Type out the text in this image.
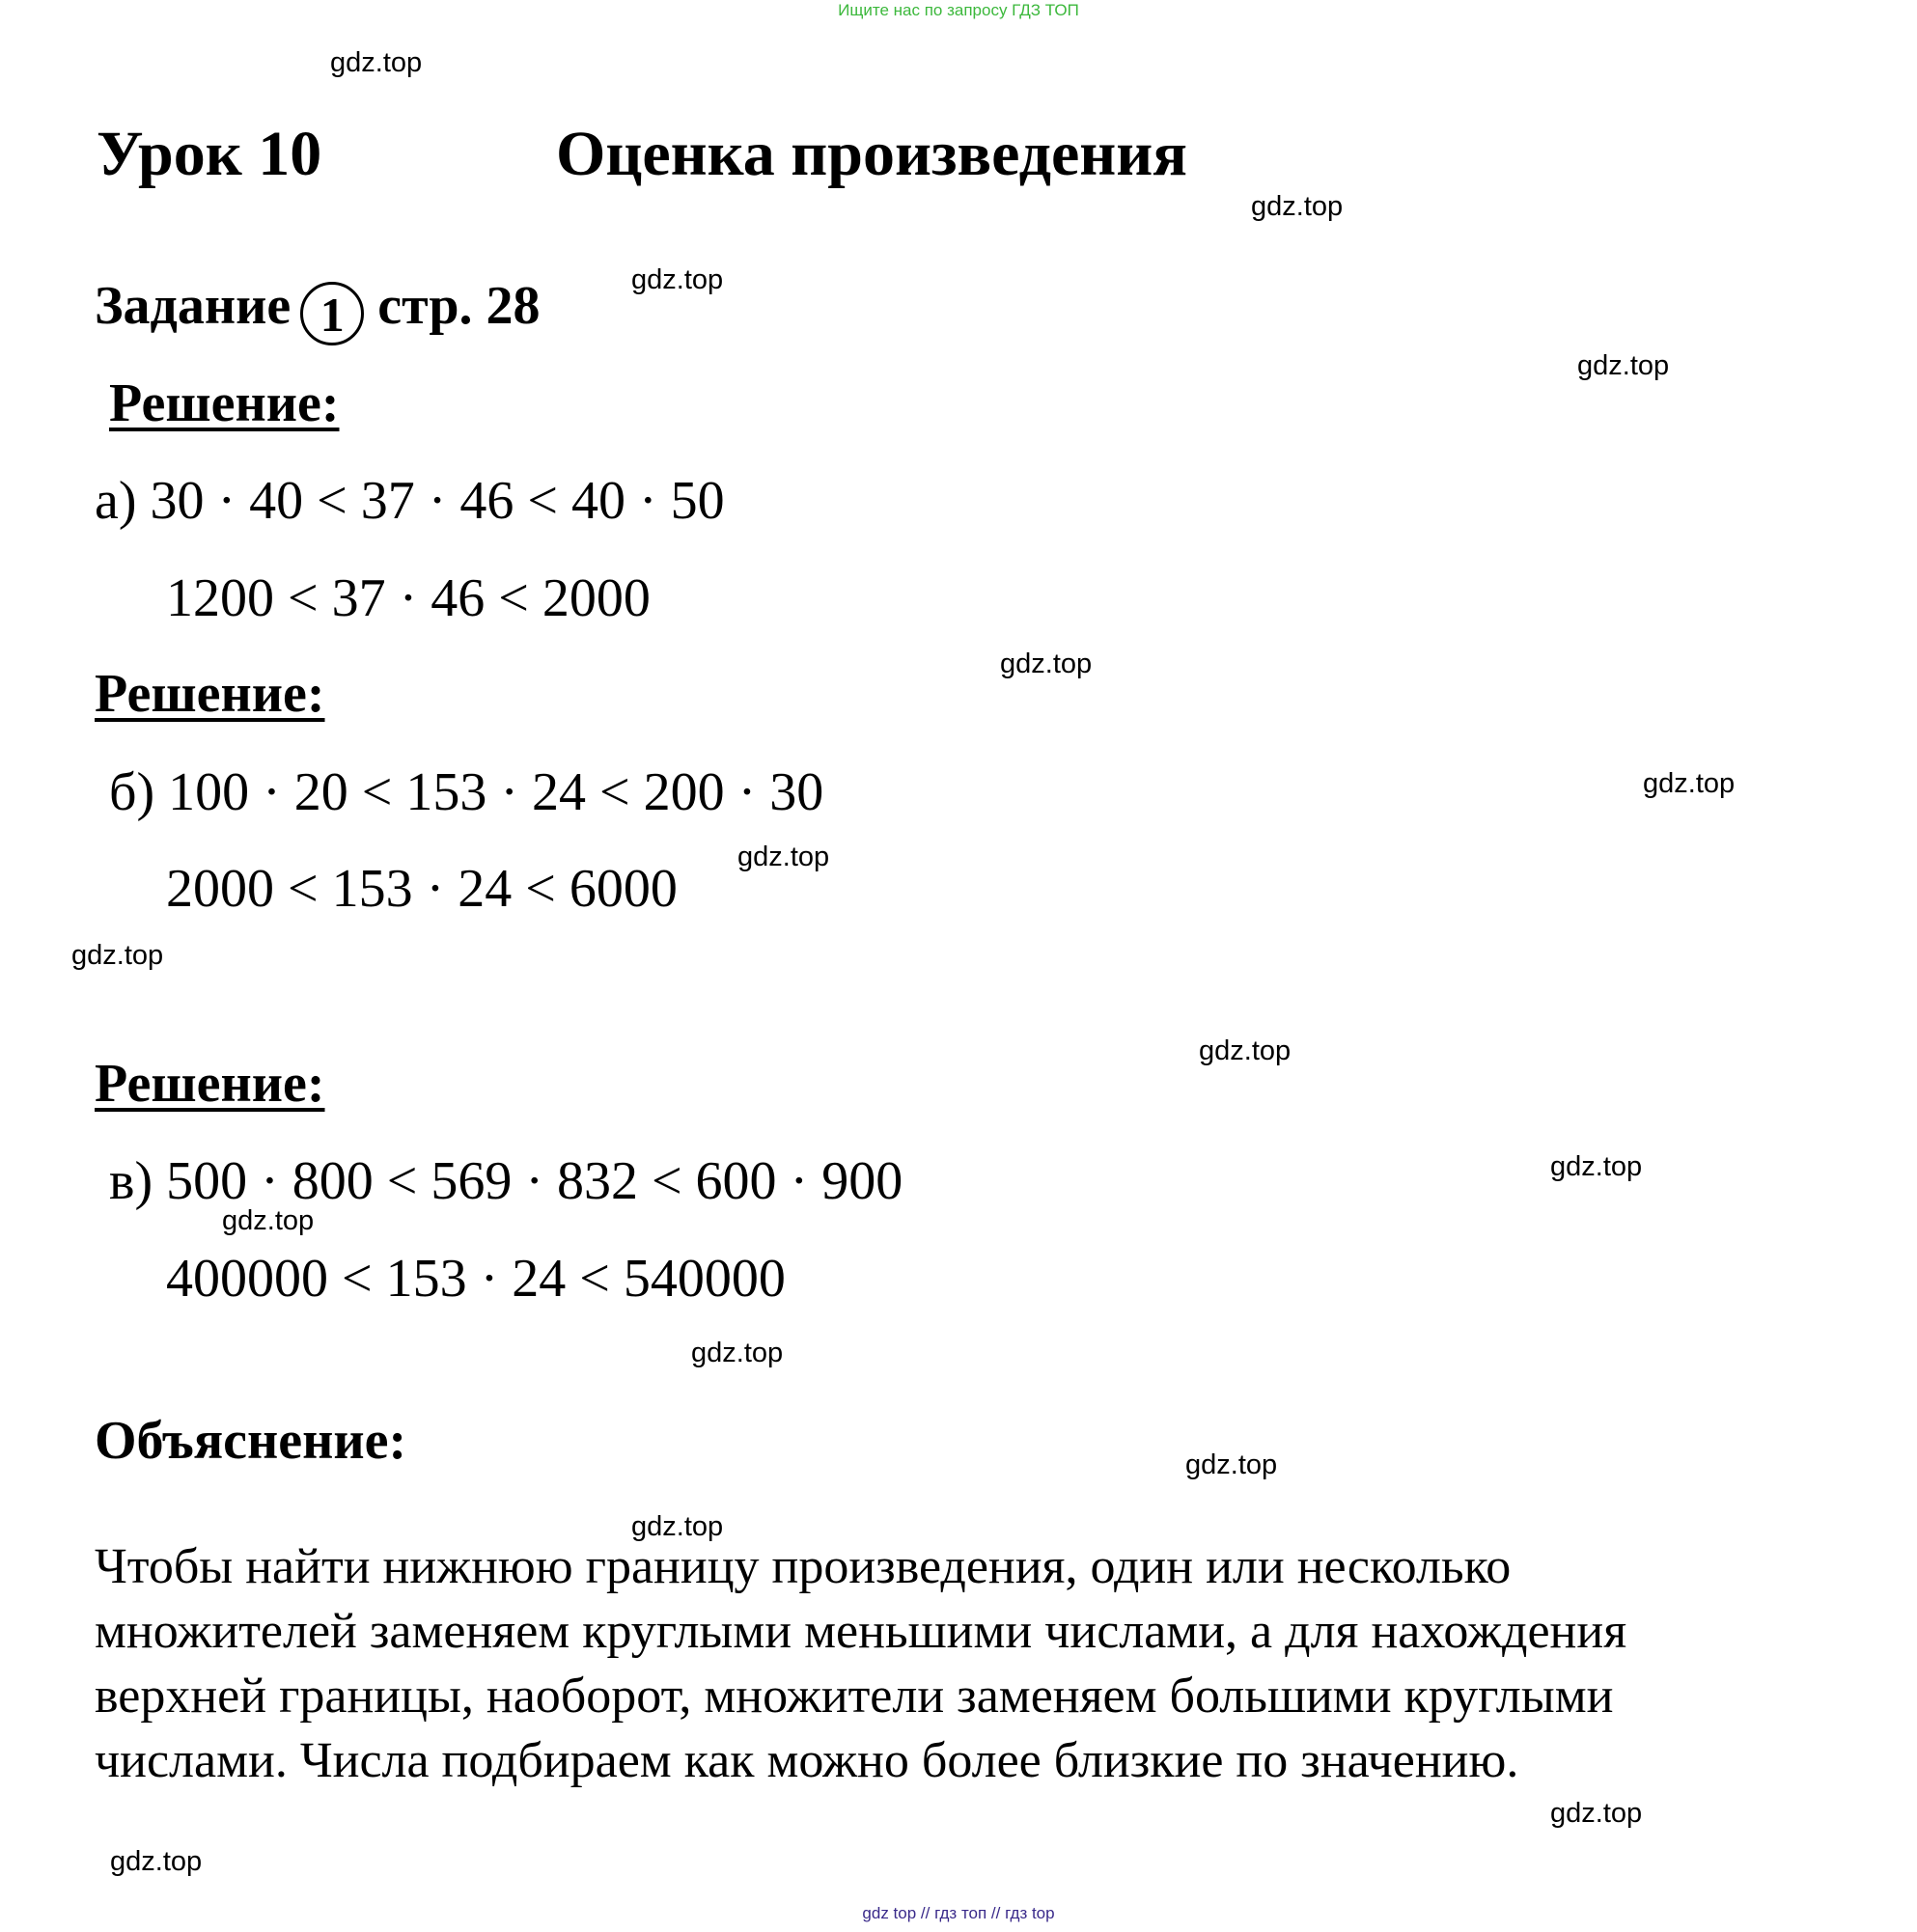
Ищите нас по запросу ГДЗ ТОП
gdz.top
gdz.top
gdz.top
gdz.top
gdz.top
gdz.top
gdz.top
gdz.top
gdz.top
gdz.top
gdz.top
gdz.top
gdz.top
gdz.top
gdz.top
gdz.top
Урок 10	Оценка произведения
Задание 1 стр. 28
Решение:
а) 30 · 40 < 37 · 46 < 40 · 50
1200 < 37 · 46 < 2000
Решение:
б) 100 · 20 < 153 · 24 < 200 · 30
2000 < 153 · 24 < 6000
Решение:
в) 500 · 800 < 569 · 832 < 600 · 900
400000 < 153 · 24 < 540000
Объяснение:
Чтобы найти нижнюю границу произведения, один или несколько
множителей заменяем круглыми меньшими числами, а для нахождения
верхней границы, наоборот, множители заменяем большими круглыми
числами. Числа подбираем как можно более близкие по значению.
gdz top // гдз топ // гдз top
